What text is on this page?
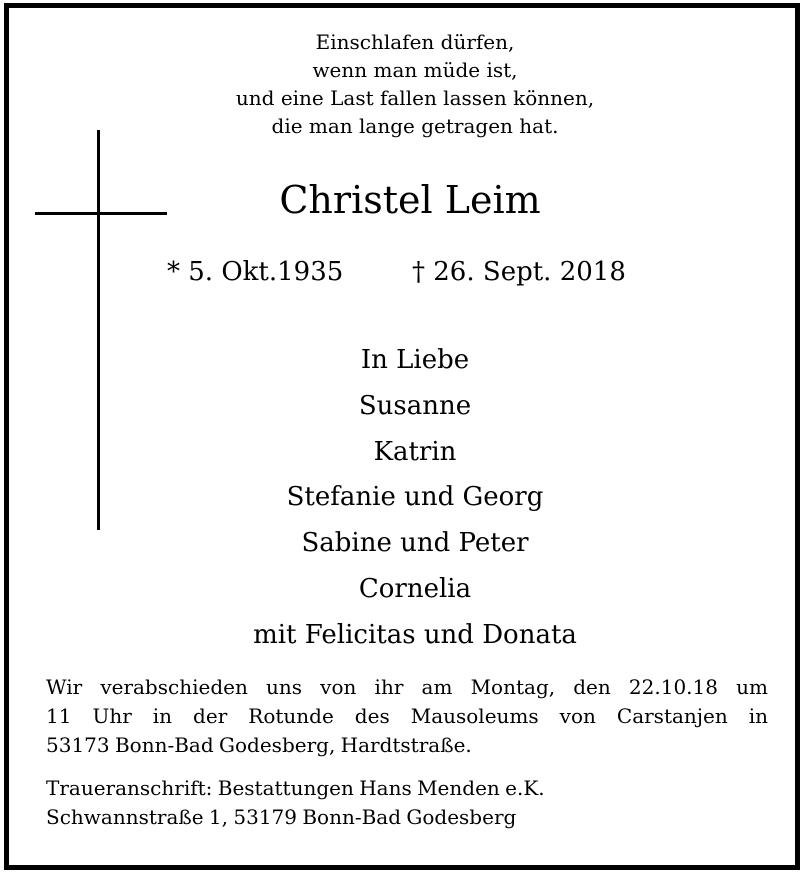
Einschlafen dürfen,
wenn man müde ist,
und eine Last fallen lassen können,
die man lange getragen hat.
Christel Leim
* 5. Okt.1935	† 26. Sept. 2018
In Liebe
Susanne
Katrin
Stefanie und Georg
Sabine und Peter
Cornelia
mit Felicitas und Donata
Wir verabschieden uns von ihr am Montag, den 22.10.18 um
11 Uhr in der Rotunde des Mausoleums von Carstanjen in
53173 Bonn-Bad Godesberg, Hardtstraße.
Traueranschrift: Bestattungen Hans Menden e.K.
Schwannstraße 1, 53179 Bonn-Bad Godesberg
